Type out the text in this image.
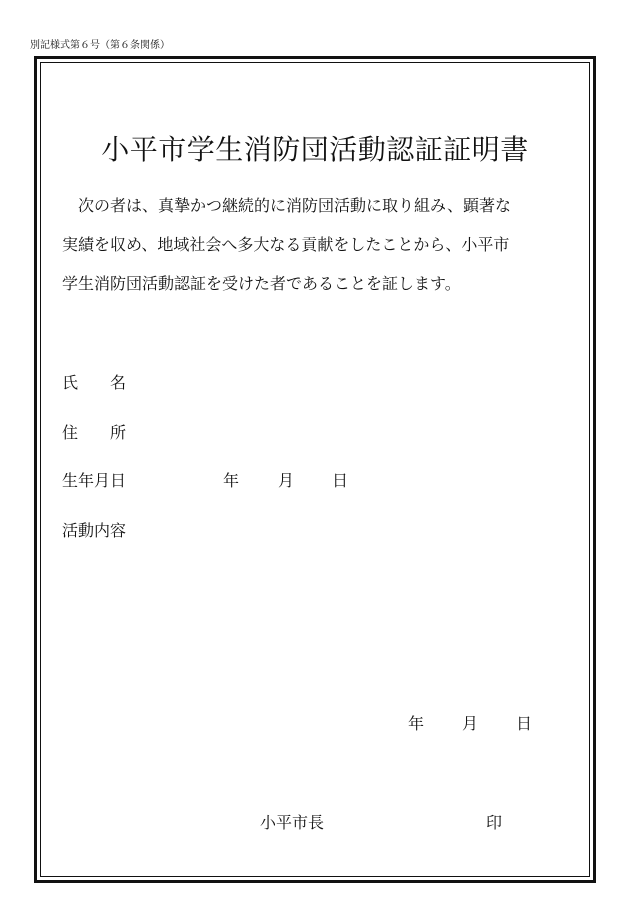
別記様式第６号（第６条関係）
小平市学生消防団活動認証証明書
　次の者は、真摯かつ継続的に消防団活動に取り組み、顕著な
実績を収め、地域社会へ多大なる貢献をしたことから、小平市
学生消防団活動認証を受けた者であることを証します。
氏　　名
住　　所
生年月日	年 月 日
活動内容
年 月 日
小平市長	印
